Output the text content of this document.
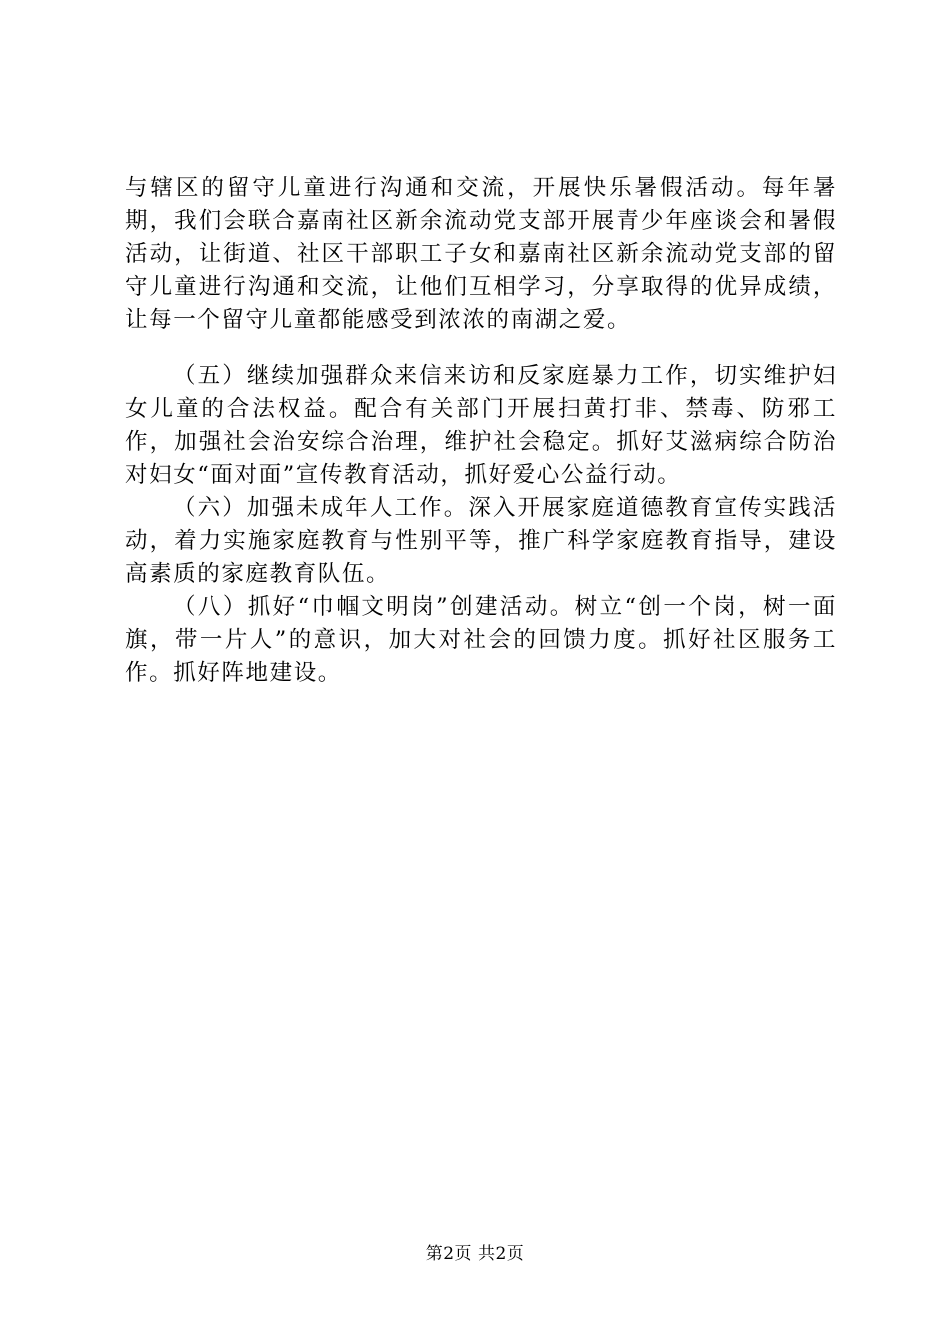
与辖区的留守儿童进行沟通和交流，开展快乐暑假活动。每年暑期，我们会联合嘉南社区新余流动党支部开展青少年座谈会和暑假活动，让街道、社区干部职工子女和嘉南社区新余流动党支部的留守儿童进行沟通和交流，让他们互相学习，分享取得的优异成绩，让每一个留守儿童都能感受到浓浓的南湖之爱。

（五）继续加强群众来信来访和反家庭暴力工作，切实维护妇女儿童的合法权益。配合有关部门开展扫黄打非、禁毒、防邪工作，加强社会治安综合治理，维护社会稳定。抓好艾滋病综合防治对妇女“面对面”宣传教育活动，抓好爱心公益行动。

（六）加强未成年人工作。深入开展家庭道德教育宣传实践活动，着力实施家庭教育与性别平等，推广科学家庭教育指导，建设高素质的家庭教育队伍。

（八）抓好“巾帼文明岗”创建活动。树立“创一个岗，树一面旗，带一片人”的意识，加大对社会的回馈力度。抓好社区服务工作。抓好阵地建设。

第2页 共2页
